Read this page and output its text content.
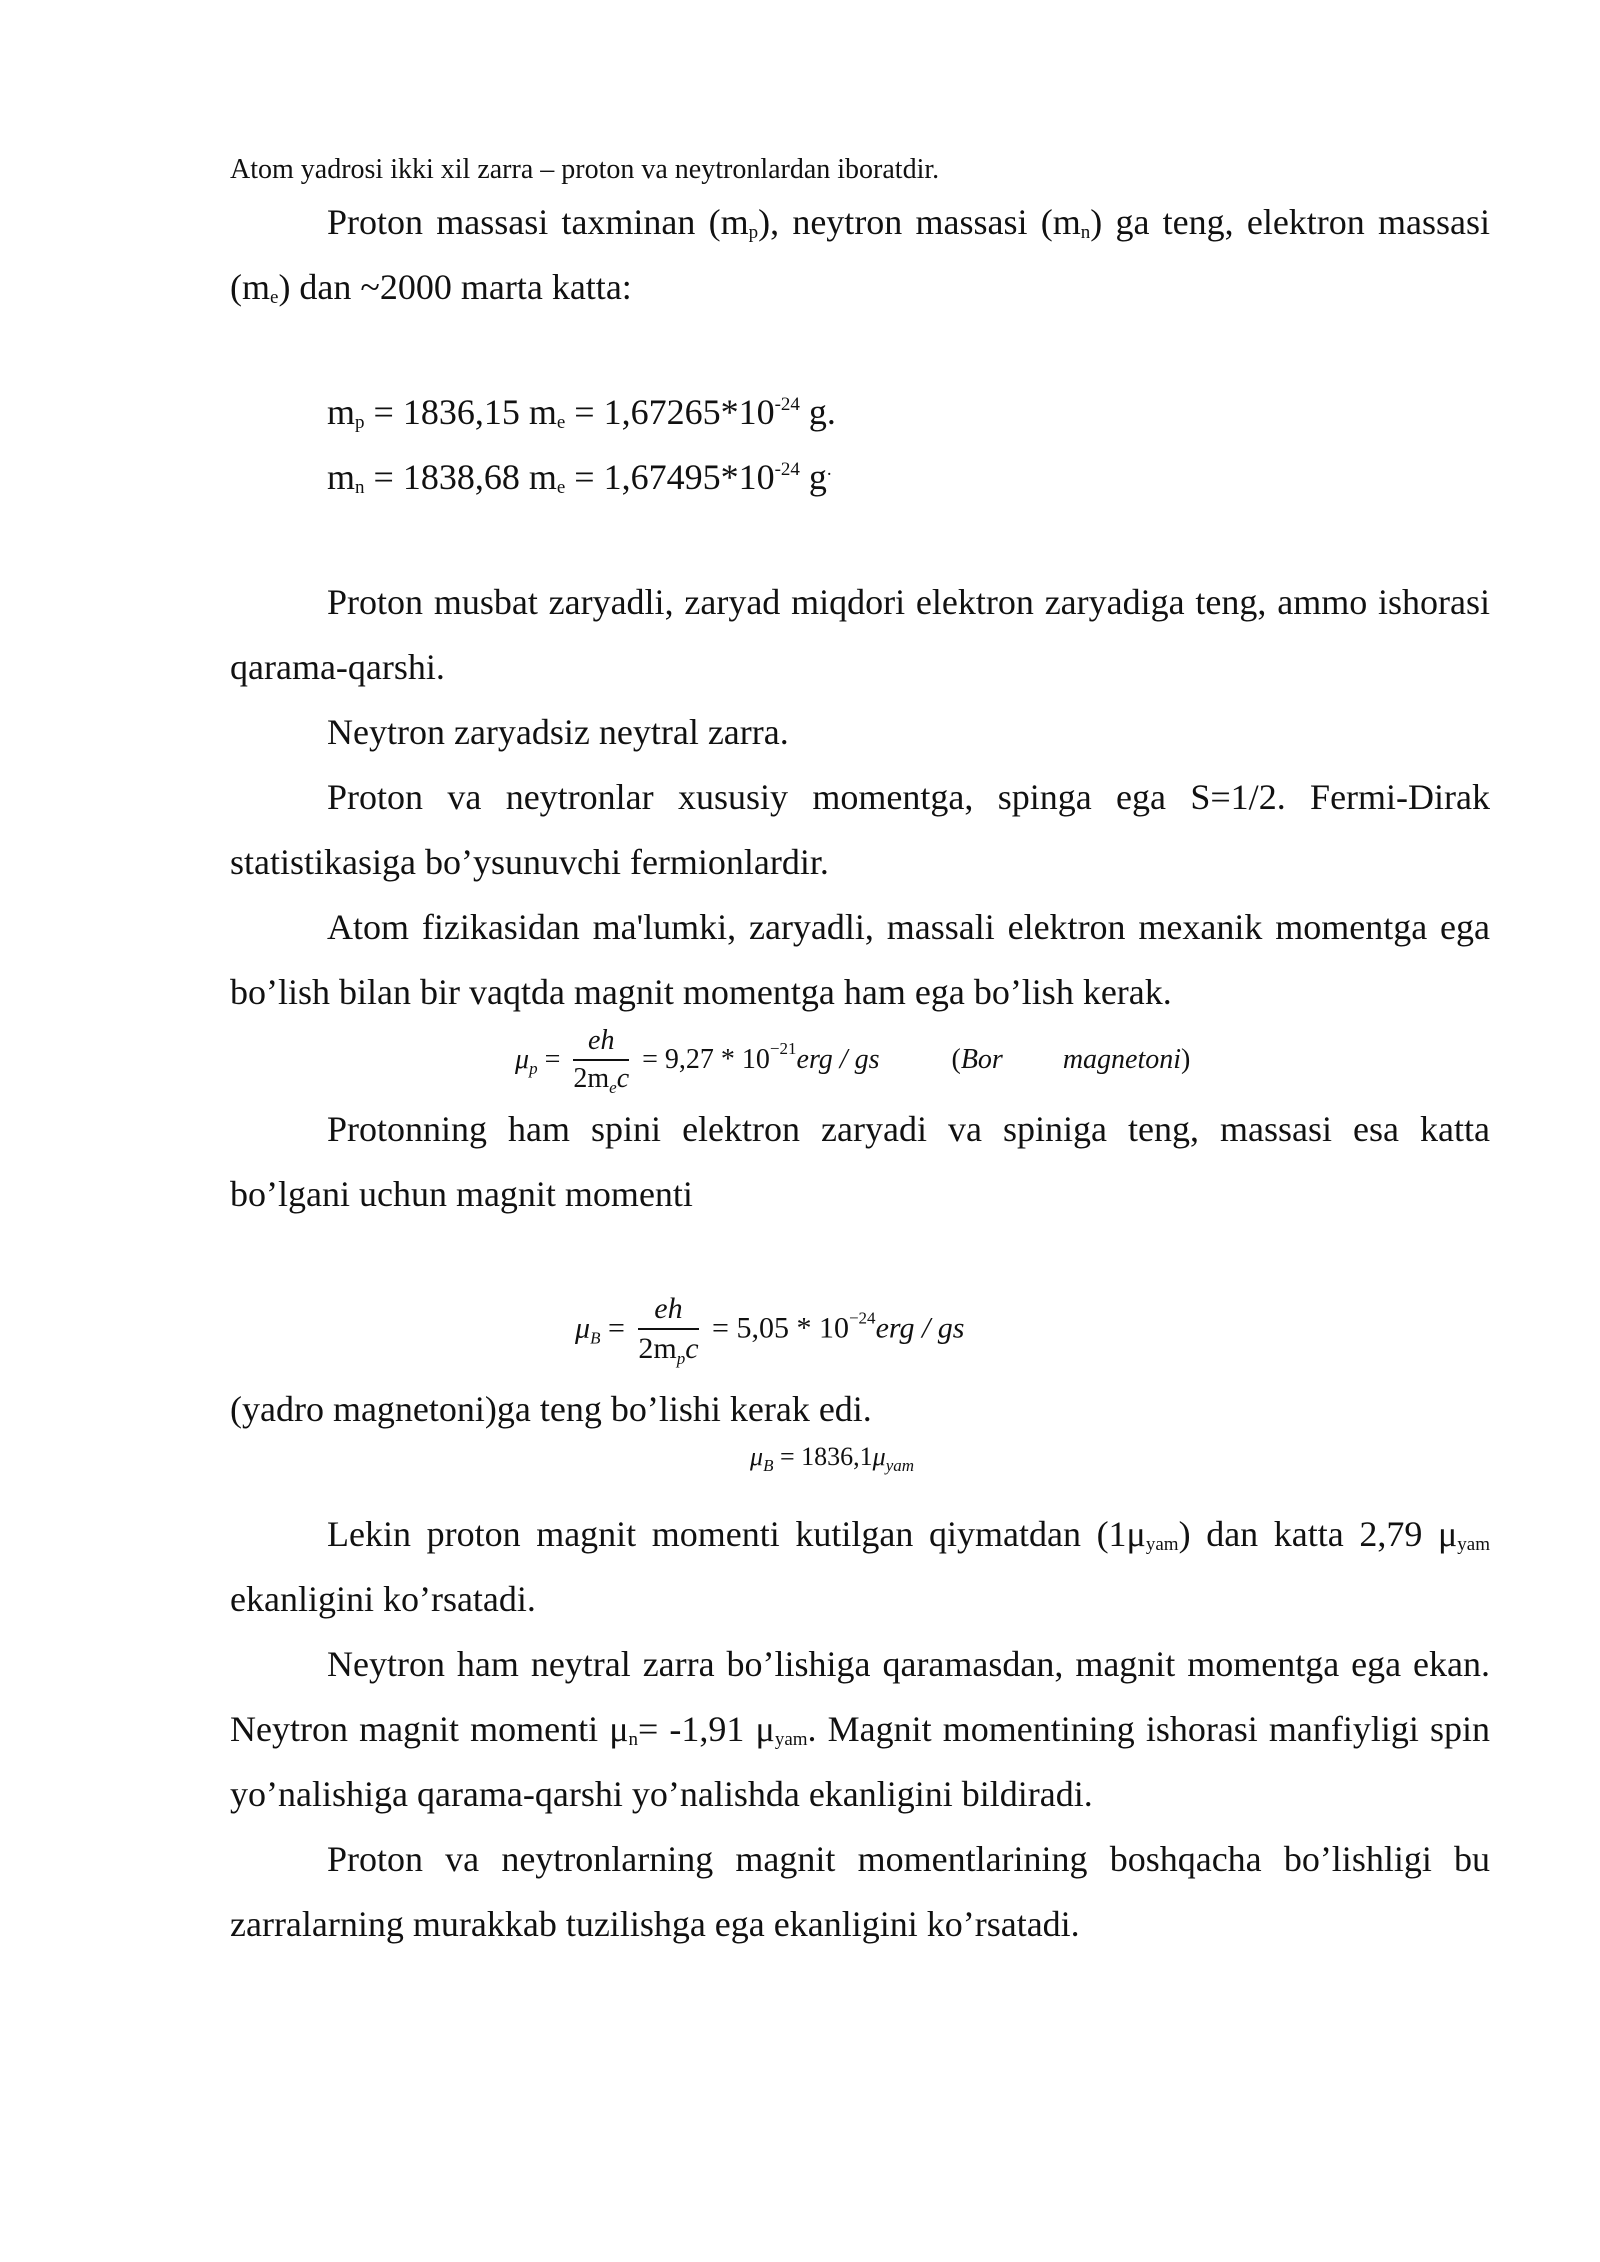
Atom yadrosi ikki xil zarra – proton va neytronlardan iboratdir.

Proton massasi taxminan $(m_p)$, neytron massasi $(m_n)$ ga teng, elektron massasi $(m_e)$ dan ~2000 marta katta:

$m_p = 1836,15$ $m_e = 1,67265*10^{-24}$ g.
$m_n = 1838,68$ $m_e = 1,67495*10^{-24}$ g.

Proton musbat zaryadli, zaryad miqdori elektron zaryadiga teng, ammo ishorasi qarama-qarshi.

Neytron zaryadsiz neytral zarra.

Proton va neytronlar xususiy momentga, spinga ega S=1/2. Fermi-Dirak statistikasiga bo’ysunuvchi fermionlardir.

Atom fizikasidan ma'lumki, zaryadli, massali elektron mexanik momentga ega bo’lish bilan bir vaqtda magnit momentga ham ega bo’lish kerak.

$\mu_p = \frac{eh}{2m_ec} = 9,27 * 10^{-21}erg$ / gs	(Bor magnetoni)

Protonning ham spini elektron zaryadi va spiniga teng, massasi esa katta bo’lgani uchun magnit momenti

$\mu_B = \frac{eh}{2m_pc} = 5,05 * 10^{-24}erg$ / gs

(yadro magnetoni)ga teng bo’lishi kerak edi.

$\mu_B = 1836,1\mu_{yam}$

Lekin proton magnit momenti kutilgan qiymatdan $(1\mu_{yam})$ dan katta 2,79 $\mu_{yam}$ ekanligini ko’rsatadi.

Neytron ham neytral zarra bo’lishiga qaramasdan, magnit momentga ega ekan. Neytron magnit momenti $\mu_n= -1,91$ $\mu_{yam}$. Magnit momentining ishorasi manfiyligi spin yo’nalishiga qarama-qarshi yo’nalishda ekanligini bildiradi.

Proton va neytronlarning magnit momentlarining boshqacha bo’lishligi bu zarralarning murakkab tuzilishga ega ekanligini ko’rsatadi.
